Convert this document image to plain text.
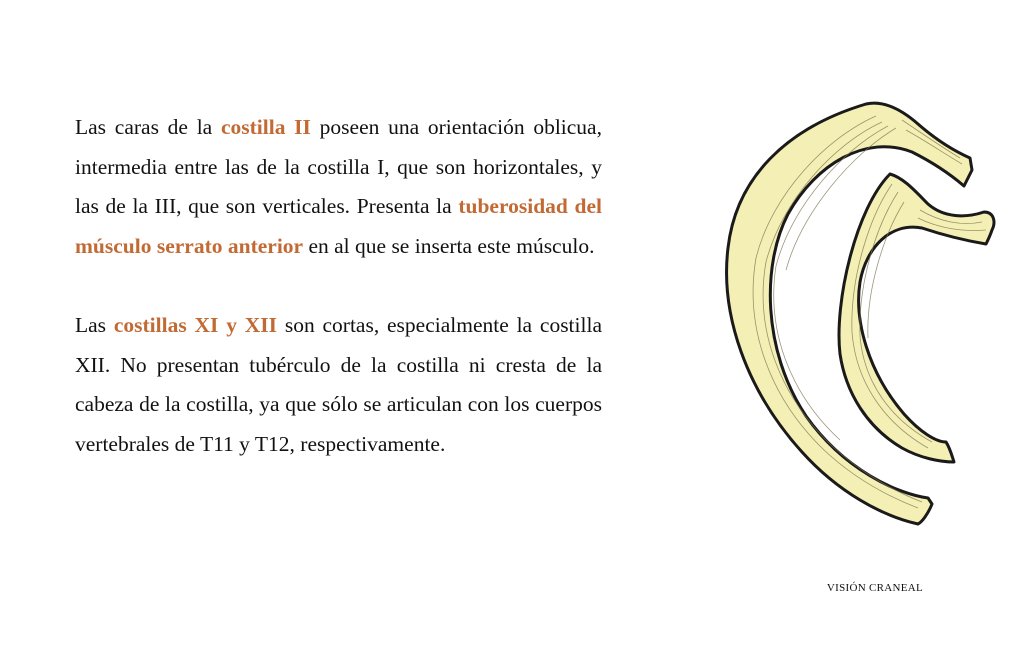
Las caras de la costilla II poseen una orientación oblicua, intermedia entre las de la costilla I, que son horizontales, y las de la III, que son verticales. Presenta la tuberosidad del músculo serrato anterior en al que se inserta este músculo.

Las costillas XI y XII son cortas, especialmente la costilla XII. No presentan tubérculo de la costilla ni cresta de la cabeza de la costilla, ya que sólo se articulan con los cuerpos vertebrales de T11 y T12, respectivamente.

VISIÓN CRANEAL
